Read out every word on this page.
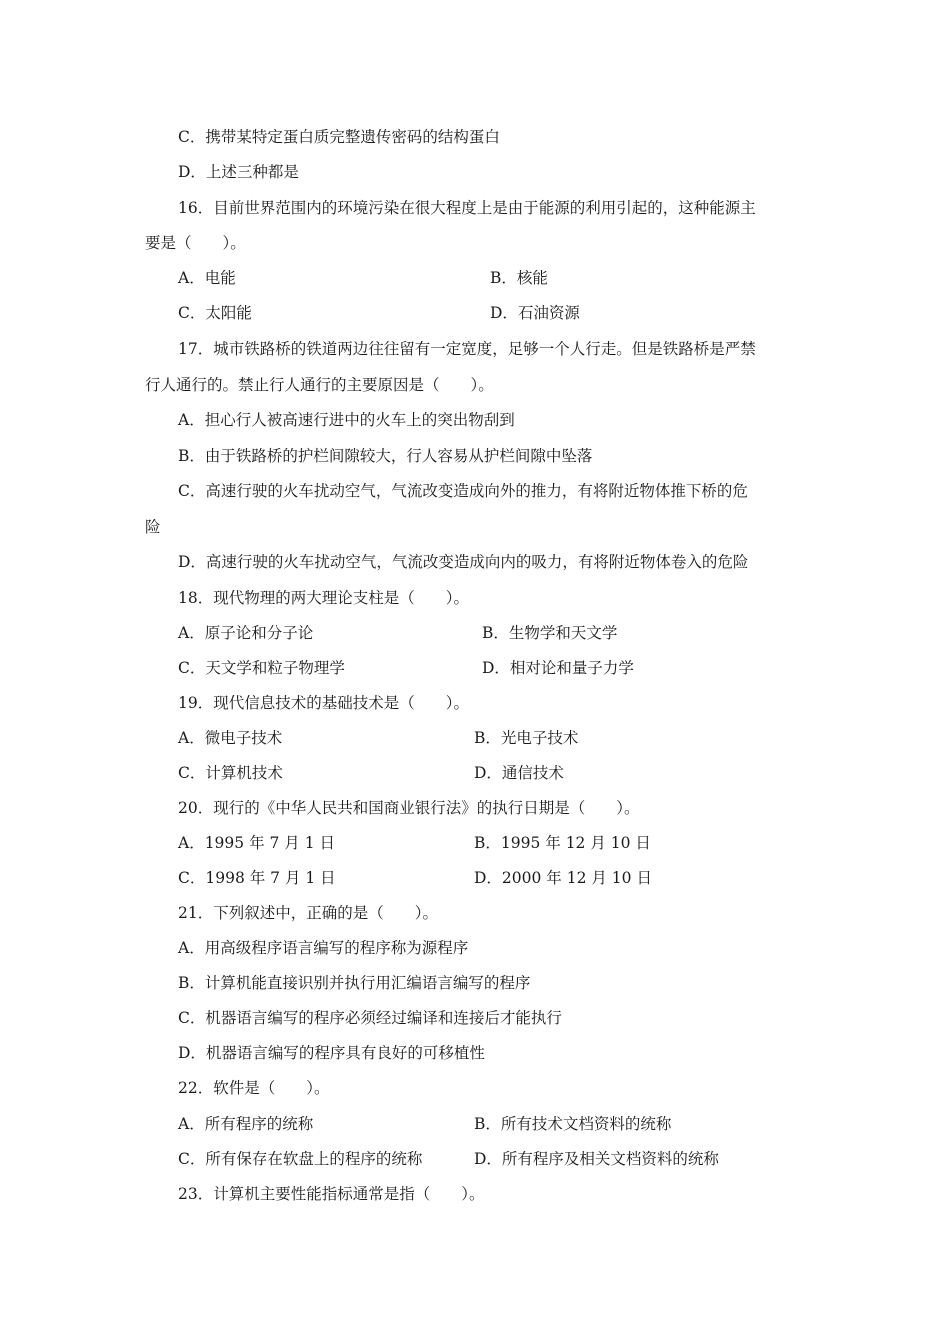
C．携带某特定蛋白质完整遗传密码的结构蛋白
D．上述三种都是
16．目前世界范围内的环境污染在很大程度上是由于能源的利用引起的，这种能源主
要是（　　）。
A．电能	B．核能
C．太阳能	D．石油资源
17．城市铁路桥的铁道两边往往留有一定宽度，足够一个人行走。但是铁路桥是严禁
行人通行的。禁止行人通行的主要原因是（　　）。
A．担心行人被高速行进中的火车上的突出物刮到
B．由于铁路桥的护栏间隙较大，行人容易从护栏间隙中坠落
C．高速行驶的火车扰动空气，气流改变造成向外的推力，有将附近物体推下桥的危
险
D．高速行驶的火车扰动空气，气流改变造成向内的吸力，有将附近物体卷入的危险
18．现代物理的两大理论支柱是（　　）。
A．原子论和分子论	B．生物学和天文学
C．天文学和粒子物理学	D．相对论和量子力学
19．现代信息技术的基础技术是（　　）。
A．微电子技术	B．光电子技术
C．计算机技术	D．通信技术
20．现行的《中华人民共和国商业银行法》的执行日期是（　　）。
A．1995 年 7 月 1 日	B．1995 年 12 月 10 日
C．1998 年 7 月 1 日	D．2000 年 12 月 10 日
21．下列叙述中，正确的是（　　）。
A．用高级程序语言编写的程序称为源程序
B．计算机能直接识别并执行用汇编语言编写的程序
C．机器语言编写的程序必须经过编译和连接后才能执行
D．机器语言编写的程序具有良好的可移植性
22．软件是（　　）。
A．所有程序的统称	B．所有技术文档资料的统称
C．所有保存在软盘上的程序的统称	D．所有程序及相关文档资料的统称
23．计算机主要性能指标通常是指（　　）。
